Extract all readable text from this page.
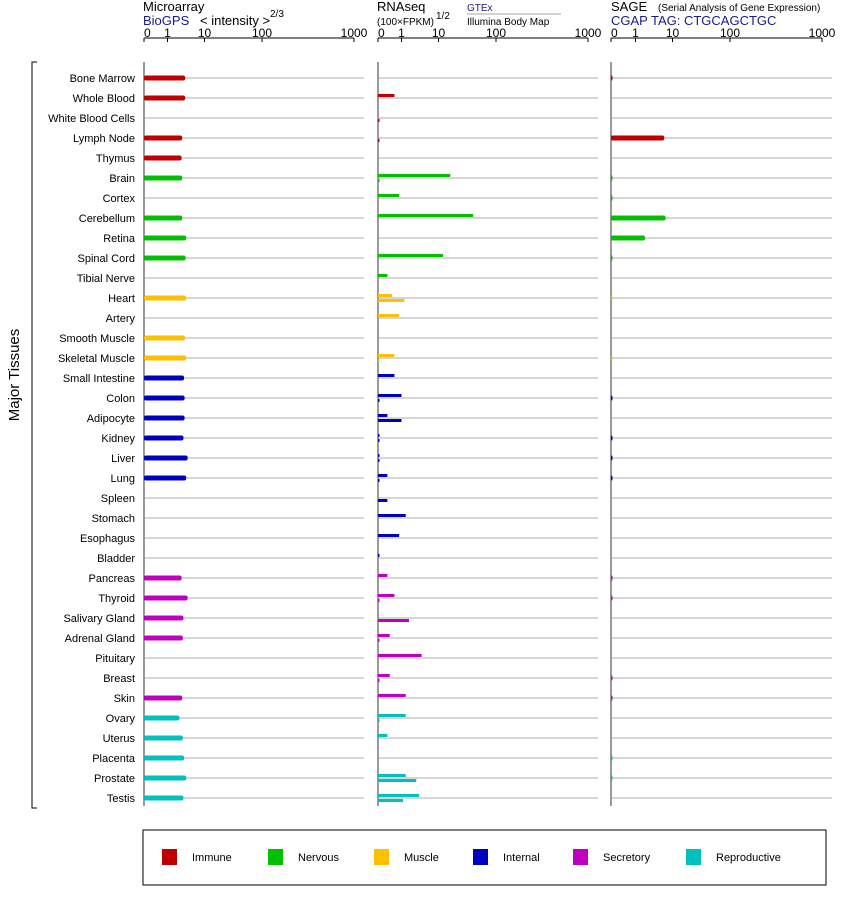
Microarray
BioGPS < intensity > 2/3
RNAseq
(100×FPKM)
1/2
GTEx
Illumina Body Map
SAGE (Serial Analysis of Gene Expression)
CGAP TAG: CTGCAGCTGC
Major Tissues
0 1 10	100	1000 0 1 10	100	1000 0 1 10	100	1000
Bone Marrow
Whole Blood
White Blood Cells
Lymph Node
Thymus
Brain
Cortex
Cerebellum
Retina
Spinal Cord
Tibial Nerve
Heart
Artery
Smooth Muscle
Skeletal Muscle
Small Intestine
Colon
Adipocyte
Kidney
Liver
Lung
Spleen
Stomach
Esophagus
Bladder
Pancreas
Thyroid
Salivary Gland
Adrenal Gland
Pituitary
Breast
Skin
Ovary
Uterus
Placenta
Prostate
Testis
Immune	Nervous	Muscle	Internal	Secretory	Reproductive
